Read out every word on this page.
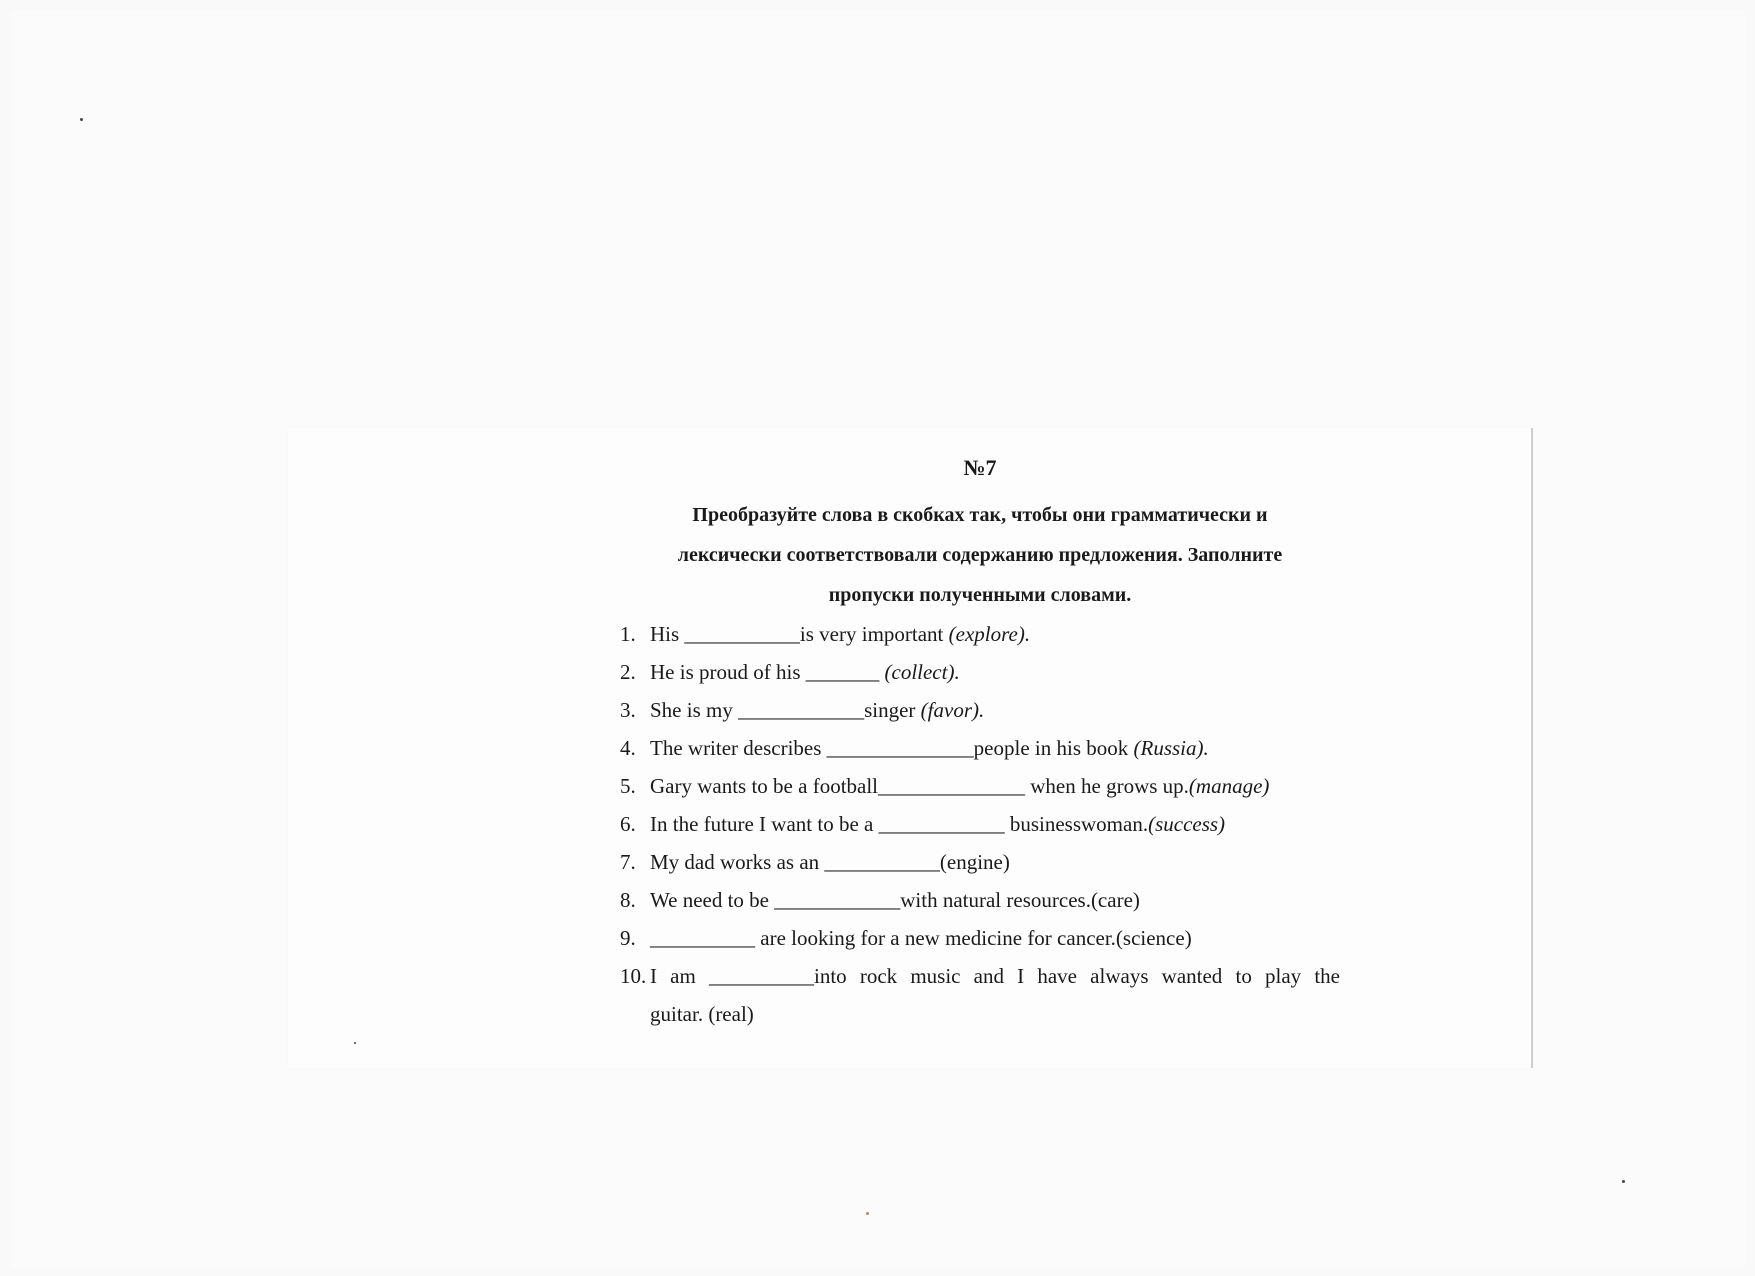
№7
Преобразуйте слова в скобках так, чтобы они грамматически и
лексически соответствовали содержанию предложения. Заполните
пропуски полученными словами.
1. His ___________is very important (explore).
2. He is proud of his _______ (collect).
3. She is my ____________singer (favor).
4. The writer describes ______________people in his book (Russia).
5. Gary wants to be a football______________ when he grows up.(manage)
6. In the future I want to be a ____________ businesswoman.(success)
7. My dad works as an ___________(engine)
8. We need to be ____________with natural resources.(care)
9. __________ are looking for a new medicine for cancer.(science)
10. I am __________into rock music and I have always wanted to play the
guitar. (real)
